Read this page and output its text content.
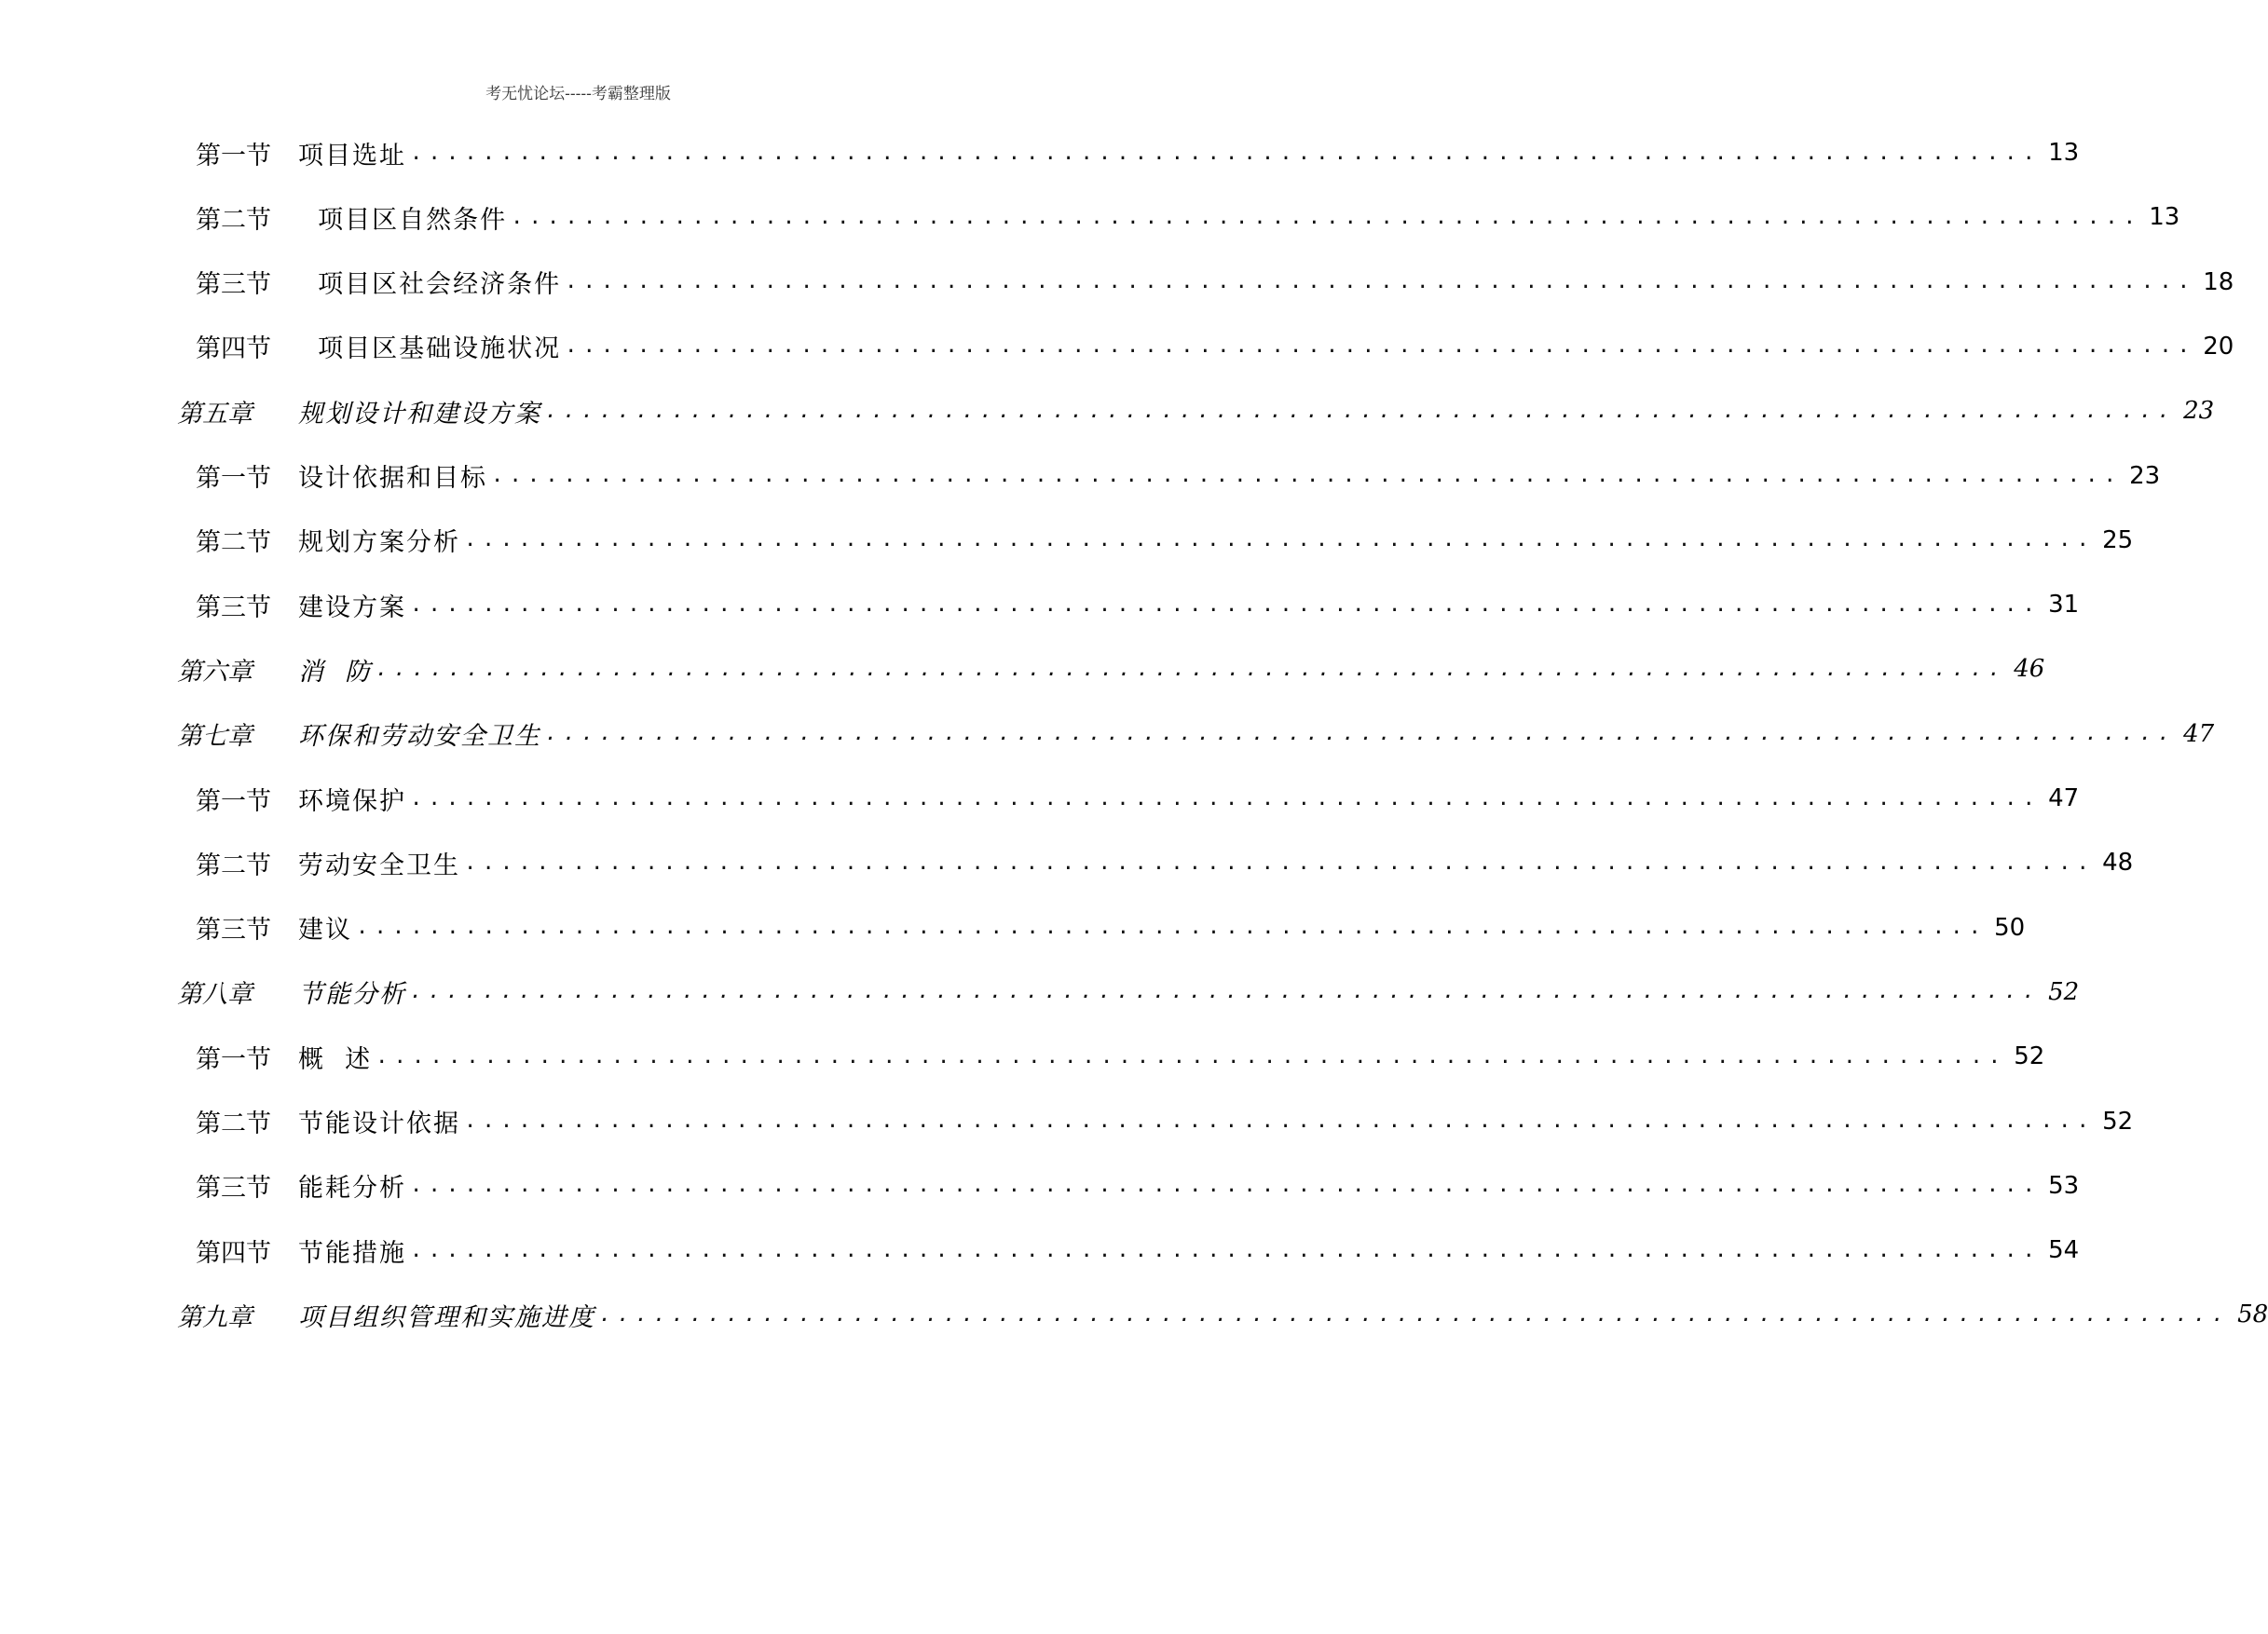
考无忧论坛-----考霸整理版
第一节	项目选址 .......................................................................................... 13
第二节	项目区自然条件 .......................................................................................... 13
第三节	项目区社会经济条件 .......................................................................................... 18
第四节	项目区基础设施状况 .......................................................................................... 20
第五章	规划设计和建设方案 .......................................................................................... 23
第一节	设计依据和目标 .......................................................................................... 23
第二节	规划方案分析 .......................................................................................... 25
第三节	建设方案 .......................................................................................... 31
第六章	消  防 .......................................................................................... 46
第七章	环保和劳动安全卫生 .......................................................................................... 47
第一节	环境保护 .......................................................................................... 47
第二节	劳动安全卫生 .......................................................................................... 48
第三节	建议 .......................................................................................... 50
第八章	节能分析 .......................................................................................... 52
第一节	概  述 .......................................................................................... 52
第二节	节能设计依据 .......................................................................................... 52
第三节	能耗分析 .......................................................................................... 53
第四节	节能措施 .......................................................................................... 54
第九章	项目组织管理和实施进度 .......................................................................................... 58
